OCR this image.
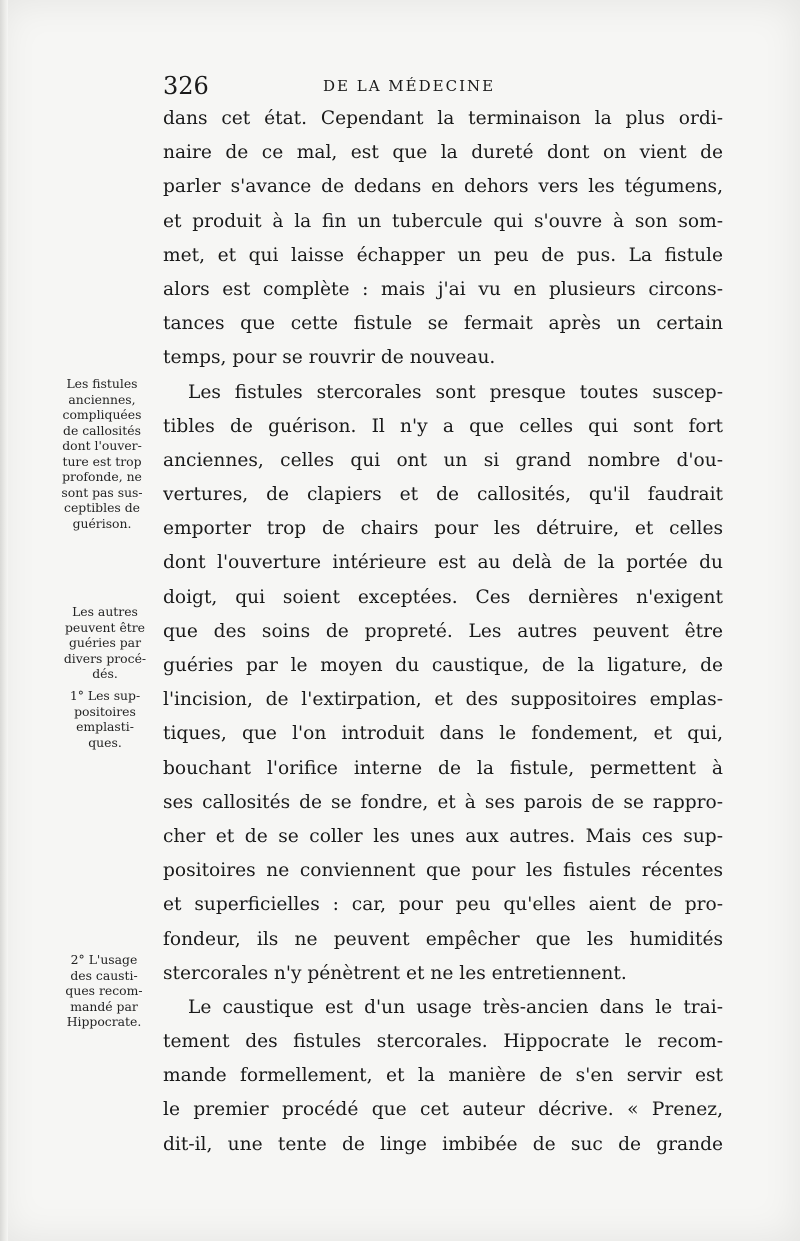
326	DE LA MÉDECINE
dans cet état. Cependant la terminaison la plus ordi-
naire de ce mal, est que la dureté dont on vient de
parler s'avance de dedans en dehors vers les tégumens,
et produit à la fin un tubercule qui s'ouvre à son som-
met, et qui laisse échapper un peu de pus. La fistule
alors est complète : mais j'ai vu en plusieurs circons-
tances que cette fistule se fermait après un certain
temps, pour se rouvrir de nouveau.
Les fistules stercorales sont presque toutes suscep-
tibles de guérison. Il n'y a que celles qui sont fort
anciennes, celles qui ont un si grand nombre d'ou-
vertures, de clapiers et de callosités, qu'il faudrait
emporter trop de chairs pour les détruire, et celles
dont l'ouverture intérieure est au delà de la portée du
doigt, qui soient exceptées. Ces dernières n'exigent
que des soins de propreté. Les autres peuvent être
guéries par le moyen du caustique, de la ligature, de
l'incision, de l'extirpation, et des suppositoires emplas-
tiques, que l'on introduit dans le fondement, et qui,
bouchant l'orifice interne de la fistule, permettent à
ses callosités de se fondre, et à ses parois de se rappro-
cher et de se coller les unes aux autres. Mais ces sup-
positoires ne conviennent que pour les fistules récentes
et superficielles : car, pour peu qu'elles aient de pro-
fondeur, ils ne peuvent empêcher que les humidités
stercorales n'y pénètrent et ne les entretiennent.
Le caustique est d'un usage très-ancien dans le trai-
tement des fistules stercorales. Hippocrate le recom-
mande formellement, et la manière de s'en servir est
le premier procédé que cet auteur décrive. « Prenez,
dit-il, une tente de linge imbibée de suc de grande
Les fistules
anciennes,
compliquées
de callosités
dont l'ouver-
ture est trop
profonde, ne
sont pas sus-
ceptibles de
guérison.
Les autres
peuvent être
guéries par
divers procé-
dés.
1° Les sup-
positoires
emplasti-
ques.
2° L'usage
des causti-
ques recom-
mandé par
Hippocrate.
